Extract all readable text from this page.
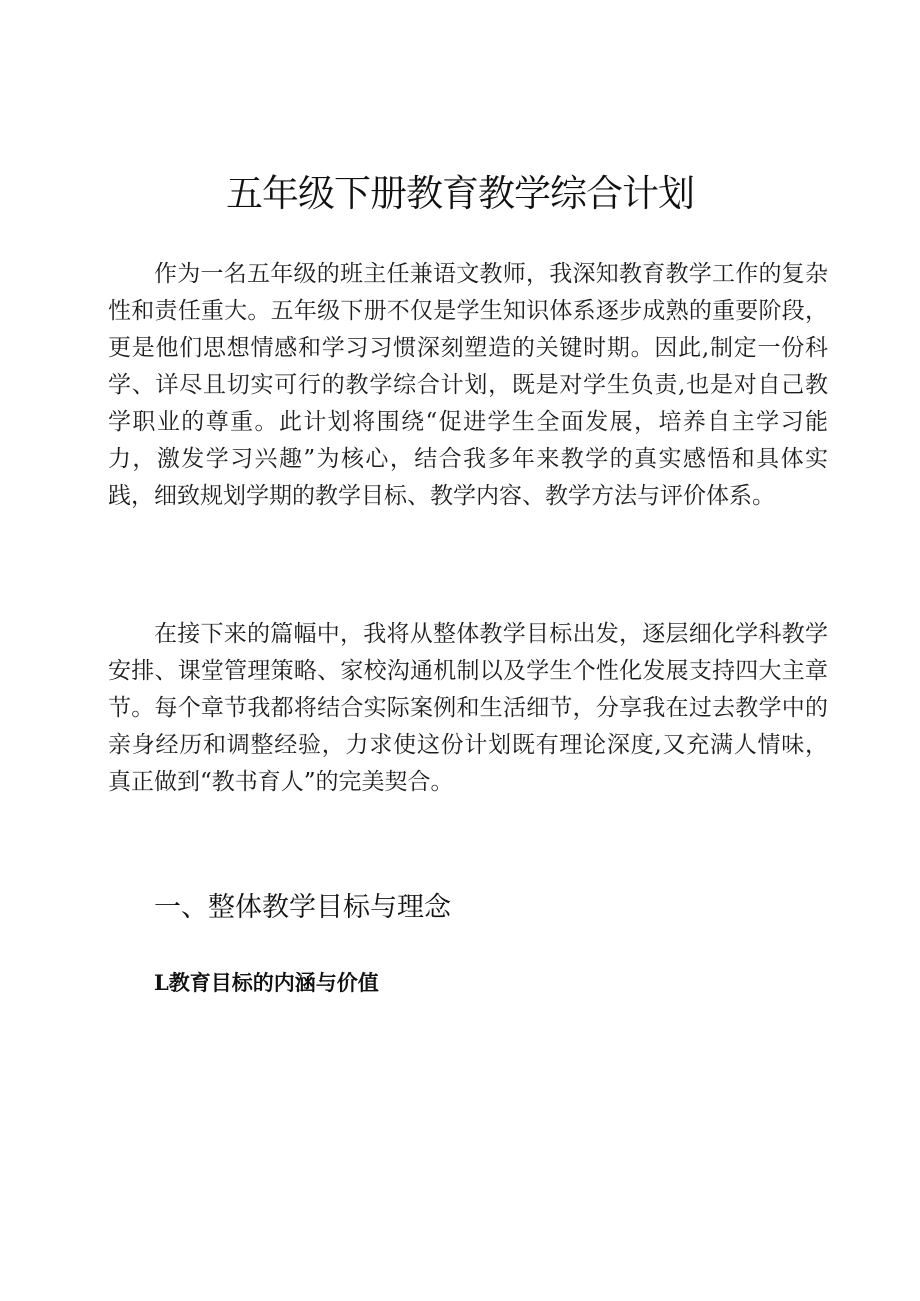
五年级下册教育教学综合计划

作为一名五年级的班主任兼语文教师，我深知教育教学工作的复杂性和责任重大。五年级下册不仅是学生知识体系逐步成熟的重要阶段，更是他们思想情感和学习习惯深刻塑造的关键时期。因此,制定一份科学、详尽且切实可行的教学综合计划，既是对学生负责,也是对自己教学职业的尊重。此计划将围绕“促进学生全面发展，培养自主学习能力，激发学习兴趣”为核心，结合我多年来教学的真实感悟和具体实践，细致规划学期的教学目标、教学内容、教学方法与评价体系。

在接下来的篇幅中，我将从整体教学目标出发，逐层细化学科教学安排、课堂管理策略、家校沟通机制以及学生个性化发展支持四大主章节。每个章节我都将结合实际案例和生活细节，分享我在过去教学中的亲身经历和调整经验，力求使这份计划既有理论深度,又充满人情味，真正做到“教书育人”的完美契合。

一、整体教学目标与理念
L教育目标的内涵与价值
